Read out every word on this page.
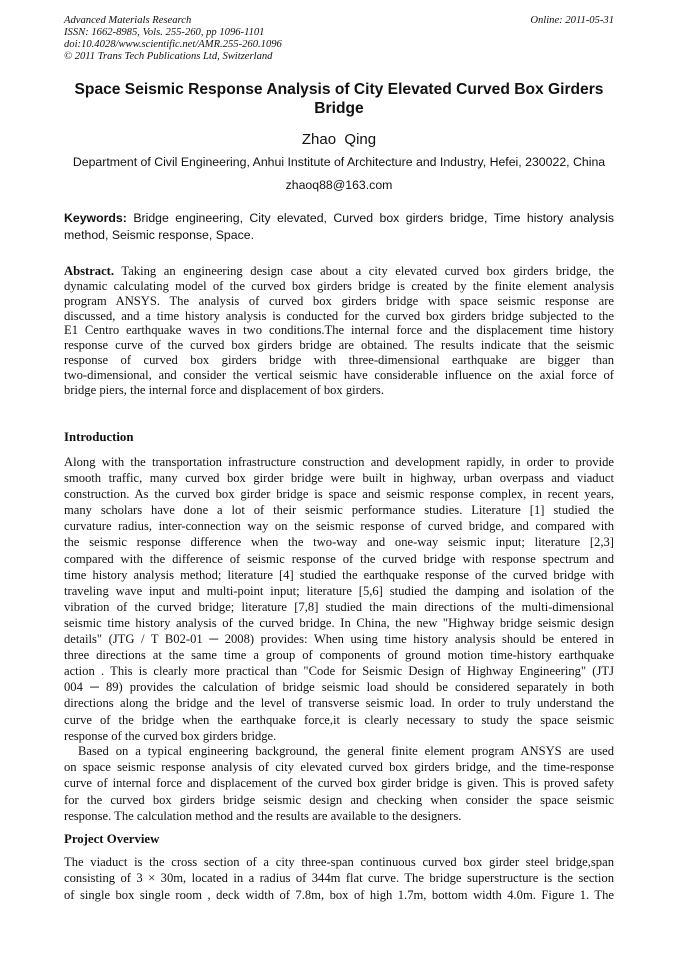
Advanced Materials Research
ISSN: 1662-8985, Vols. 255-260, pp 1096-1101
doi:10.4028/www.scientific.net/AMR.255-260.1096
© 2011 Trans Tech Publications Ltd, Switzerland
Online: 2011-05-31
Space Seismic Response Analysis of City Elevated Curved Box Girders
Bridge
Zhao  Qing
Department of Civil Engineering, Anhui Institute of Architecture and Industry, Hefei, 230022, China
zhaoq88@163.com
Keywords: Bridge engineering, City elevated, Curved box girders bridge, Time history analysis
method, Seismic response, Space.
Abstract. Taking an engineering design case about a city elevated curved box girders bridge, the
dynamic calculating model of the curved box girders bridge is created by the finite element analysis
program ANSYS. The analysis of curved box girders bridge with space seismic response are
discussed, and a time history analysis is conducted for the curved box girders bridge subjected to the
E1 Centro earthquake waves in two conditions.The internal force and the displacement time history
response curve of the curved box girders bridge are obtained. The results indicate that the seismic
response of curved box girders bridge with three-dimensional earthquake are bigger than
two-dimensional, and consider the vertical seismic have considerable influence on the axial force of
bridge piers, the internal force and displacement of box girders.
Introduction
Along with the transportation infrastructure construction and development rapidly, in order to provide
smooth traffic, many curved box girder bridge were built in highway, urban overpass and viaduct
construction. As the curved box girder bridge is space and seismic response complex, in recent years,
many scholars have done a lot of their seismic performance studies. Literature [1] studied the
curvature radius, inter-connection way on the seismic response of curved bridge, and compared with
the seismic response difference when the two-way and one-way seismic input; literature [2,3]
compared with the difference of seismic response of the curved bridge with response spectrum and
time history analysis method; literature [4] studied the earthquake response of the curved bridge with
traveling wave input and multi-point input; literature [5,6] studied the damping and isolation of the
vibration of the curved bridge; literature [7,8] studied the main directions of the multi-dimensional
seismic time history analysis of the curved bridge. In China, the new "Highway bridge seismic design
details" (JTG / T B02-01 ─ 2008) provides: When using time history analysis should be entered in
three directions at the same time a group of components of ground motion time-history earthquake
action . This is clearly more practical than "Code for Seismic Design of Highway Engineering" (JTJ
004 ─ 89) provides the calculation of bridge seismic load should be considered separately in both
directions along the bridge and the level of transverse seismic load. In order to truly understand the
curve of the bridge when the earthquake force,it is clearly necessary to study the space seismic
response of the curved box girders bridge.
Based on a typical engineering background, the general finite element program ANSYS are used
on space seismic response analysis of city elevated curved box girders bridge, and the time-response
curve of internal force and displacement of the curved box girder bridge is given. This is proved safety
for the curved box girders bridge seismic design and checking when consider the space seismic
response. The calculation method and the results are available to the designers.
Project Overview
The viaduct is the cross section of a city three-span continuous curved box girder steel bridge,span
consisting of 3 × 30m, located in a radius of 344m flat curve. The bridge superstructure is the section
of single box single room , deck width of 7.8m, box of high 1.7m, bottom width 4.0m. Figure 1. The
